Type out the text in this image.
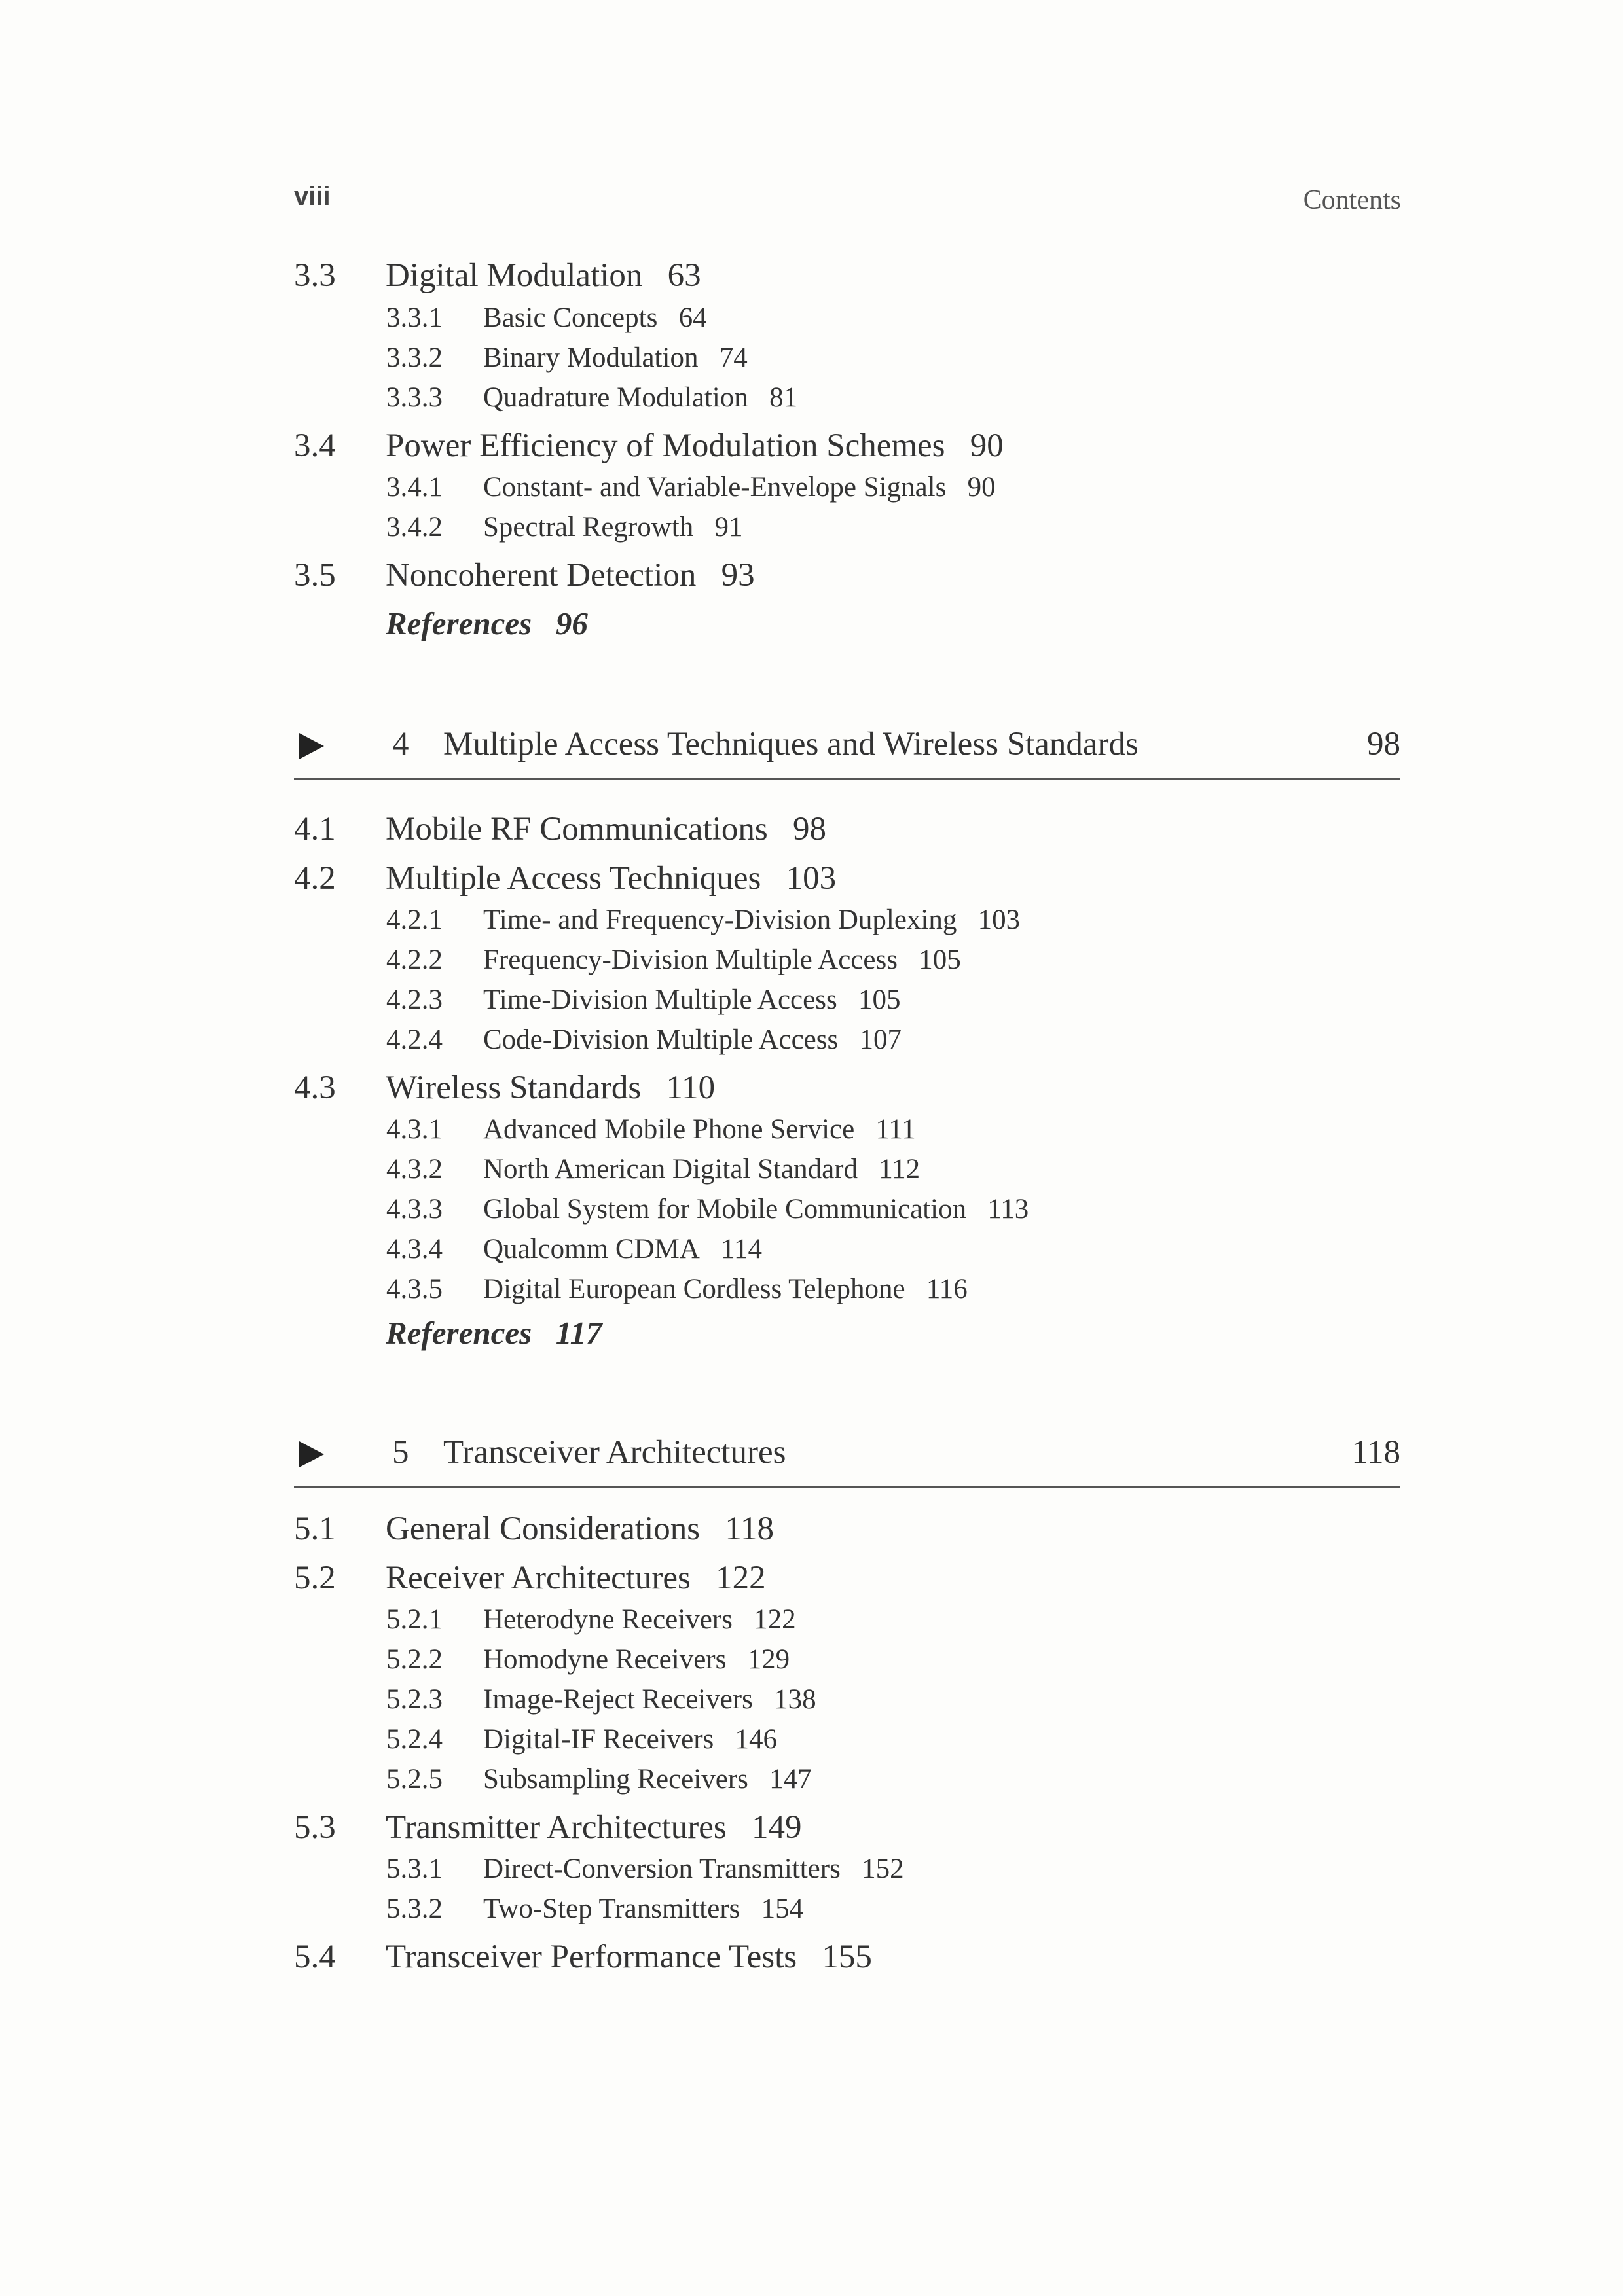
viii	Contents
3.3	Digital Modulation 63
3.3.1 Basic Concepts 64
3.3.2 Binary Modulation 74
3.3.3 Quadrature Modulation 81
3.4	Power Efficiency of Modulation Schemes 90
3.4.1 Constant- and Variable-Envelope Signals 90
3.4.2 Spectral Regrowth 91
3.5	Noncoherent Detection 93
References 96
4 Multiple Access Techniques and Wireless Standards	98
4.1	Mobile RF Communications 98
4.2	Multiple Access Techniques 103
4.2.1 Time- and Frequency-Division Duplexing 103
4.2.2 Frequency-Division Multiple Access 105
4.2.3 Time-Division Multiple Access 105
4.2.4 Code-Division Multiple Access 107
4.3	Wireless Standards 110
4.3.1 Advanced Mobile Phone Service 111
4.3.2 North American Digital Standard 112
4.3.3 Global System for Mobile Communication 113
4.3.4 Qualcomm CDMA 114
4.3.5 Digital European Cordless Telephone 116
References 117
5 Transceiver Architectures	118
5.1	General Considerations 118
5.2	Receiver Architectures 122
5.2.1 Heterodyne Receivers 122
5.2.2 Homodyne Receivers 129
5.2.3 Image-Reject Receivers 138
5.2.4 Digital-IF Receivers 146
5.2.5 Subsampling Receivers 147
5.3	Transmitter Architectures 149
5.3.1 Direct-Conversion Transmitters 152
5.3.2 Two-Step Transmitters 154
5.4	Transceiver Performance Tests 155
